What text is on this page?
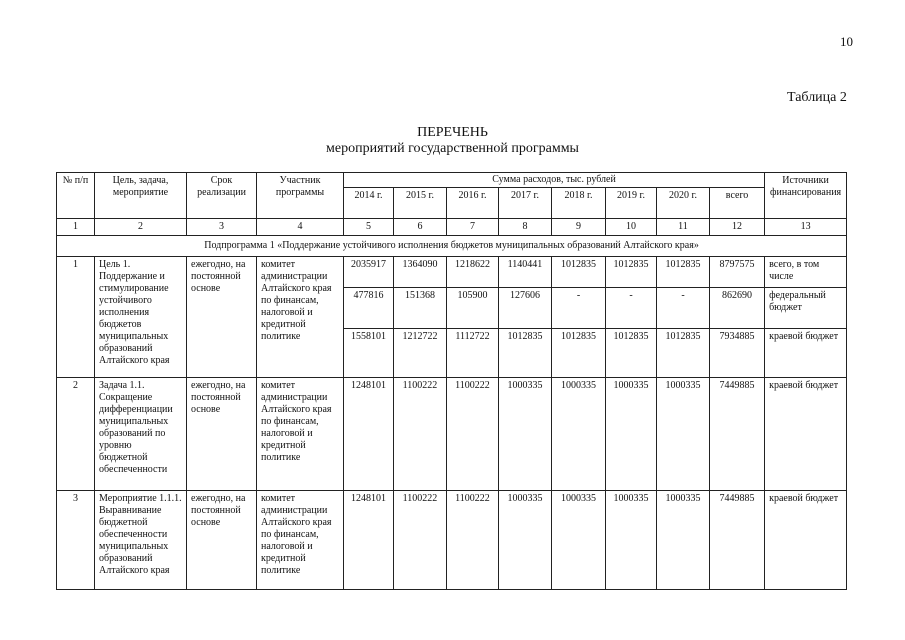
10
Таблица 2
ПЕРЕЧЕНЬ
мероприятий государственной программы
№ п/п	Цель, задача, мероприятие	Срок реализации	Участник программы	Сумма расходов, тыс. рублей								Источники финансирования
				2014 г.	2015 г.	2016 г.	2017 г.	2018 г.	2019 г.	2020 г.	всего	
1	2	3	4	5	6	7	8	9	10	11	12	13
Подпрограмма 1 «Поддержание устойчивого исполнения бюджетов муниципальных образований Алтайского края»												
1	Цель 1. Поддержание и стимулирование устойчивого исполнения бюджетов муниципальных образований Алтайского края	ежегодно, на постоянной основе	комитет администрации Алтайского края по финансам, налоговой и кредитной политике	2035917	1364090	1218622	1140441	1012835	1012835	1012835	8797575	всего, в том числе
				477816	151368	105900	127606	-	-	-	862690	федеральный бюджет
				1558101	1212722	1112722	1012835	1012835	1012835	1012835	7934885	краевой бюджет
2	Задача 1.1. Сокращение дифференциации муниципальных образований по уровню бюджетной обеспеченности	ежегодно, на постоянной основе	комитет администрации Алтайского края по финансам, налоговой и кредитной политике	1248101	1100222	1100222	1000335	1000335	1000335	1000335	7449885	краевой бюджет
3	Мероприятие 1.1.1. Выравнивание бюджетной обеспеченности муниципальных образований Алтайского края	ежегодно, на постоянной основе	комитет администрации Алтайского края по финансам, налоговой и кредитной политике	1248101	1100222	1100222	1000335	1000335	1000335	1000335	7449885	краевой бюджет
